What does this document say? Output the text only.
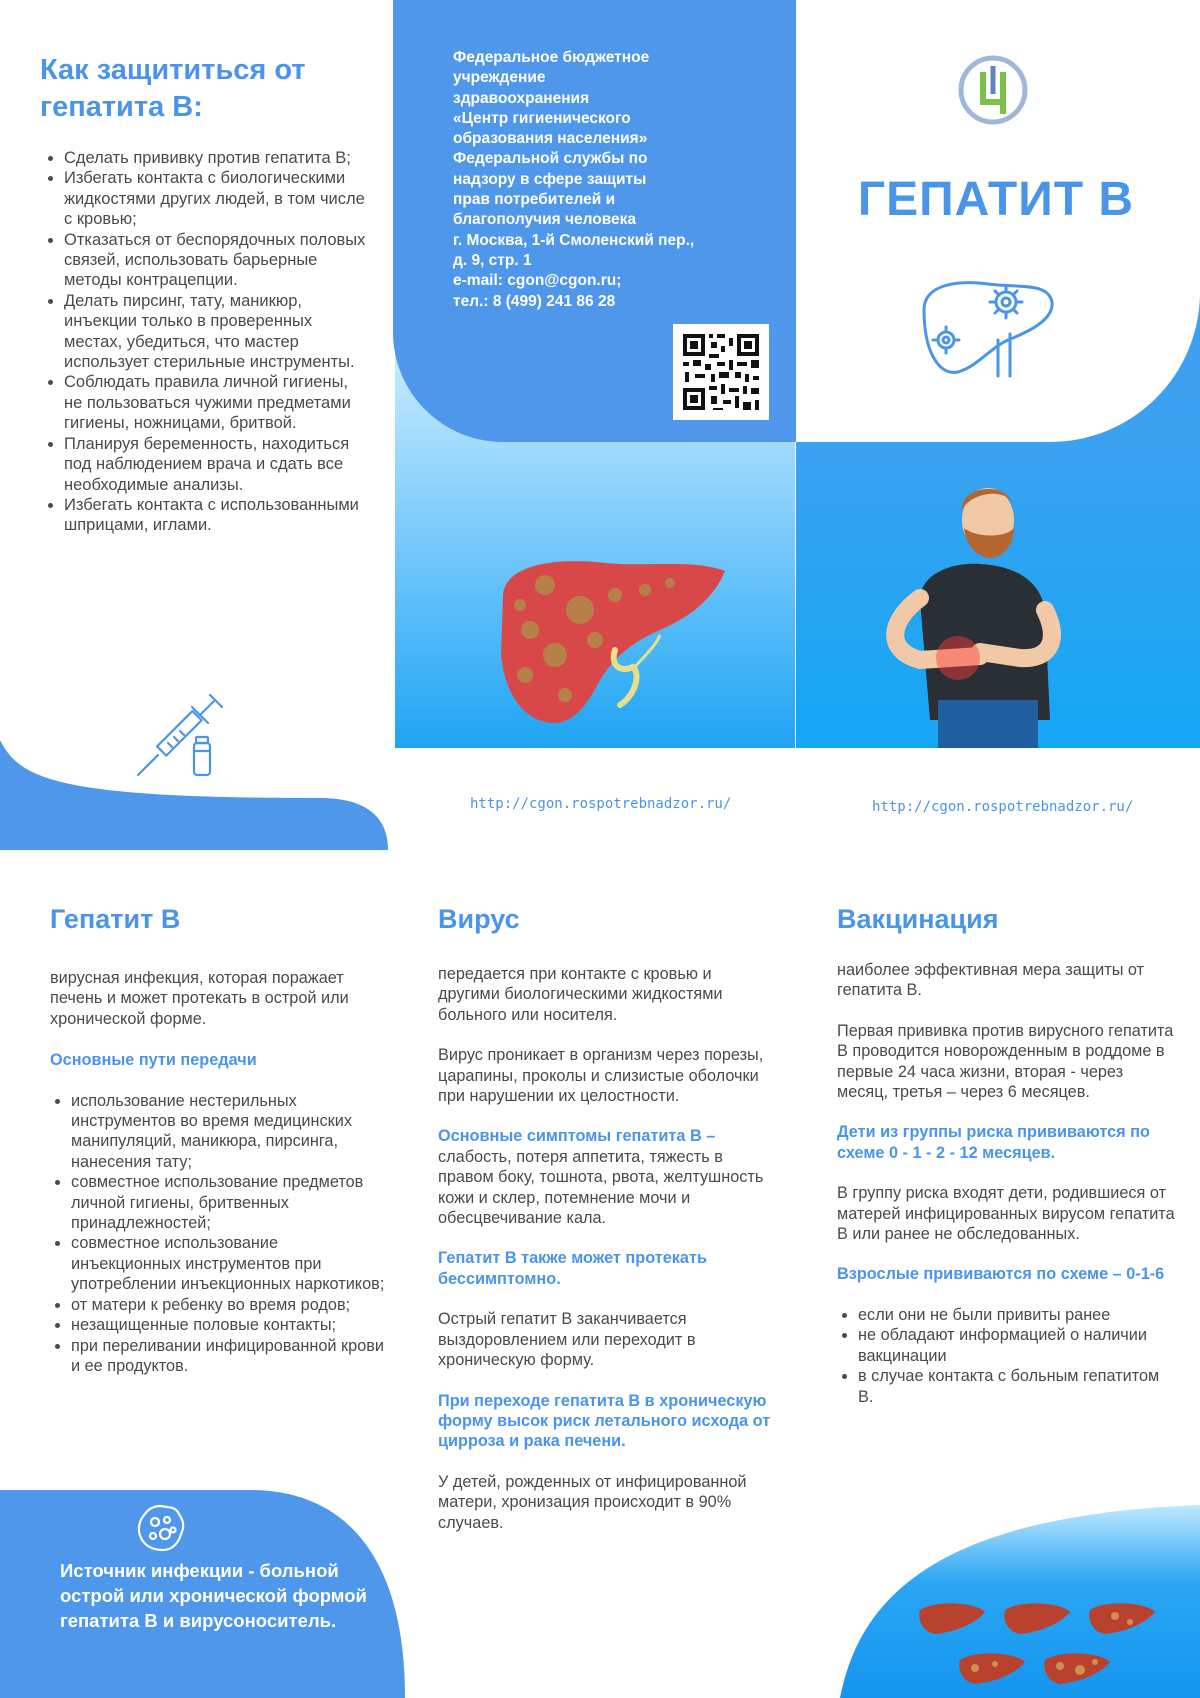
Как защититься от гепатита В:
• Сделать прививку против гепатита В;
• Избегать контакта с биологическими жидкостями других людей, в том числе с кровью;
• Отказаться от беспорядочных половых связей, использовать барьерные методы контрацепции.
• Делать пирсинг, тату, маникюр, инъекции только в проверенных местах, убедиться, что мастер использует стерильные инструменты.
• Соблюдать правила личной гигиены, не пользоваться чужими предметами гигиены, ножницами, бритвой.
• Планируя беременность, находиться под наблюдением врача и сдать все необходимые анализы.
• Избегать контакта с использованными шприцами, иглами.
Федеральное бюджетное
учреждение
здравоохранения
«Центр гигиенического
образования населения»
Федеральной службы по
надзору в сфере защиты
прав потребителей и
благополучия человека
г. Москва, 1-й Смоленский пер.,
д. 9, стр. 1
e-mail: cgon@cgon.ru;
тел.: 8 (499) 241 86 28
ГЕПАТИТ В
http://cgon.rospotrebnadzor.ru/	http://cgon.rospotrebnadzor.ru/
Гепатит В

вирусная инфекция, которая поражает печень и может протекать в острой или хронической форме.

Основные пути передачи

• использование нестерильных инструментов во время медицинских манипуляций, маникюра, пирсинга, нанесения тату;
• совместное использование предметов личной гигиены, бритвенных принадлежностей;
• совместное использование инъекционных инструментов при употреблении инъекционных наркотиков;
• от матери к ребенку во время родов;
• незащищенные половые контакты;
• при переливании инфицированной крови и ее продуктов.

Источник инфекции - больной острой или хронической формой гепатита В и вирусоноситель.

Вирус

передается при контакте с кровью и другими биологическими жидкостями больного или носителя.

Вирус проникает в организм через порезы, царапины, проколы и слизистые оболочки при нарушении их целостности.

Основные симптомы гепатита В –
слабость, потеря аппетита, тяжесть в правом боку, тошнота, рвота, желтушность кожи и склер, потемнение мочи и обесцвечивание кала.

Гепатит В также может протекать бессимптомно.

Острый гепатит В заканчивается выздоровлением или переходит в хроническую форму.

При переходе гепатита В в хроническую форму высок риск летального исхода от цирроза и рака печени.

У детей, рожденных от инфицированной матери, хронизация происходит в 90% случаев.

Вакцинация

наиболее эффективная мера защиты от гепатита В.

Первая прививка против вирусного гепатита В проводится новорожденным в роддоме в первые 24 часа жизни, вторая - через месяц, третья – через 6 месяцев.

Дети из группы риска прививаются по схеме 0 - 1 - 2 - 12 месяцев.

В группу риска входят дети, родившиеся от матерей инфицированных вирусом гепатита В или ранее не обследованных.

Взрослые прививаются по схеме – 0-1-6

• если они не были привиты ранее
• не обладают информацией о наличии вакцинации
• в случае контакта с больным гепатитом В.
